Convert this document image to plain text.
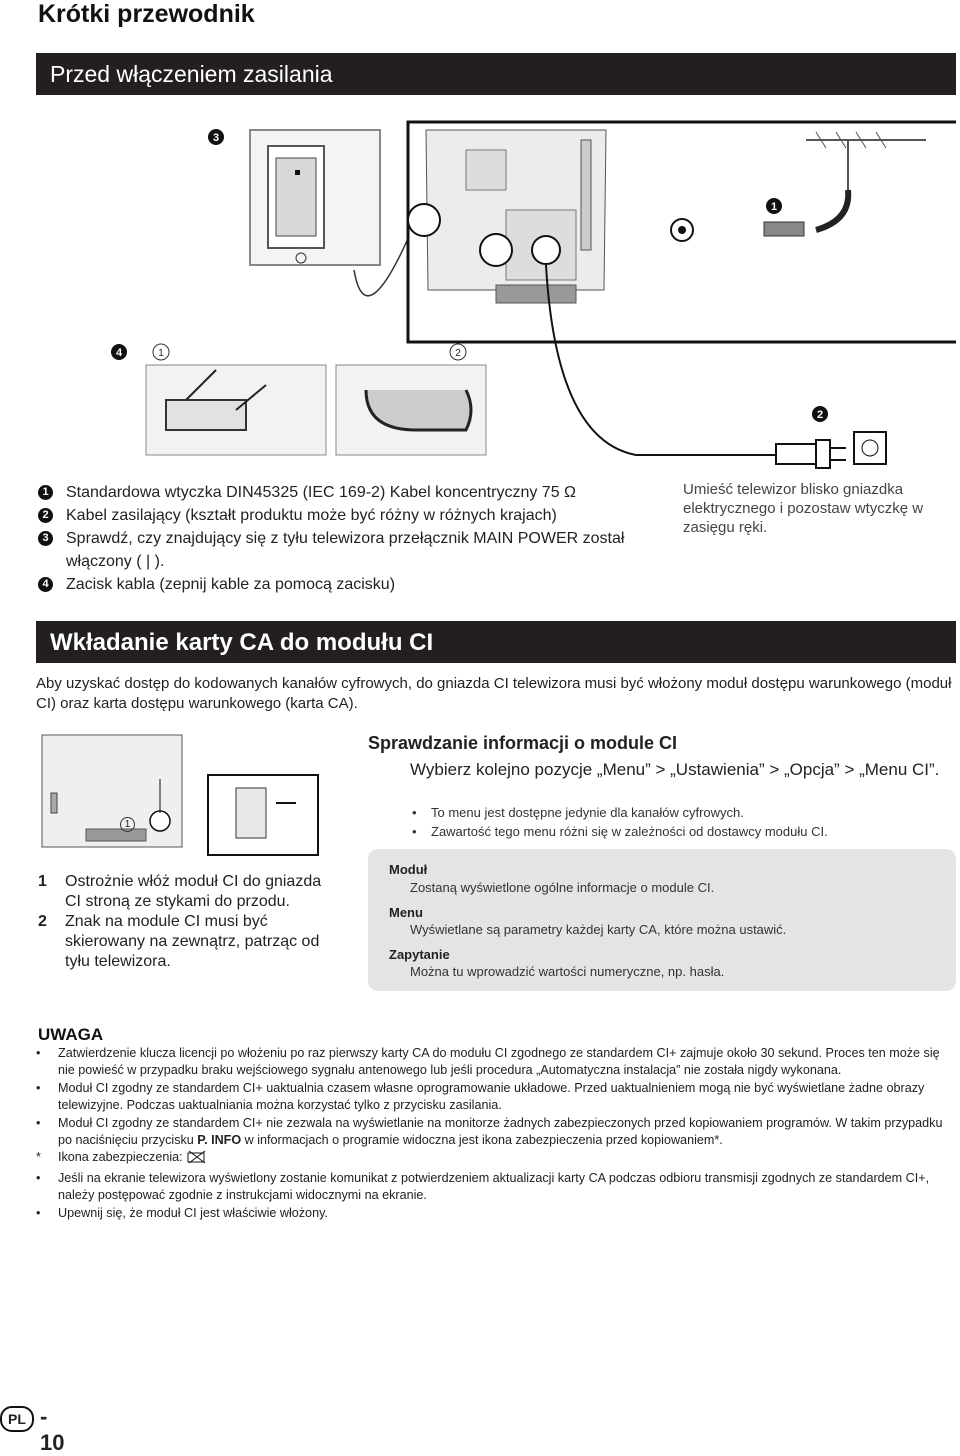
Krótki przewodnik
Przed włączeniem zasilania
3
1
2
4	1	2
1 Standardowa wtyczka DIN45325 (IEC 169-2) Kabel koncentryczny 75 Ω
2 Kabel zasilający (kształt produktu może być różny w różnych krajach)
3 Sprawdź, czy znajdujący się z tyłu telewizora przełącznik MAIN POWER został włączony ( | ).
4 Zacisk kabla (zepnij kable za pomocą zacisku)
Umieść telewizor blisko gniazdka elektrycznego i pozostaw wtyczkę w zasięgu ręki.
Wkładanie karty CA do modułu CI
Aby uzyskać dostęp do kodowanych kanałów cyfrowych, do gniazda CI telewizora musi być włożony moduł dostępu warunkowego (moduł CI) oraz karta dostępu warunkowego (karta CA).
1
Sprawdzanie informacji o module CI
Wybierz kolejno pozycje „Menu” > „Ustawienia” > „Opcja” > „Menu CI”.
• To menu jest dostępne jedynie dla kanałów cyfrowych.
• Zawartość tego menu różni się w zależności od dostawcy modułu CI.
Moduł
Zostaną wyświetlone ogólne informacje o module CI.
Menu
Wyświetlane są parametry każdej karty CA, które można ustawić.
Zapytanie
Można tu wprowadzić wartości numeryczne, np. hasła.
1 Ostrożnie włóż moduł CI do gniazda CI stroną ze stykami do przodu.
2 Znak na module CI musi być skierowany na zewnątrz, patrząc od tyłu telewizora.
UWAGA
• Zatwierdzenie klucza licencji po włożeniu po raz pierwszy karty CA do modułu CI zgodnego ze standardem CI+ zajmuje około 30 sekund. Proces ten może się nie powieść w przypadku braku wejściowego sygnału antenowego lub jeśli procedura „Automatyczna instalacja” nie została nigdy wykonana.
• Moduł CI zgodny ze standardem CI+ uaktualnia czasem własne oprogramowanie układowe. Przed uaktualnieniem mogą nie być wyświetlane żadne obrazy telewizyjne. Podczas uaktualniania można korzystać tylko z przycisku zasilania.
• Moduł CI zgodny ze standardem CI+ nie zezwala na wyświetlanie na monitorze żadnych zabezpieczonych przed kopiowaniem programów. W takim przypadku po naciśnięciu przycisku P. INFO w informacjach o programie widoczna jest ikona zabezpieczenia przed kopiowaniem*.
* Ikona zabezpieczenia:
• Jeśli na ekranie telewizora wyświetlony zostanie komunikat z potwierdzeniem aktualizacji karty CA podczas odbioru transmisji zgodnych ze standardem CI+, należy postępować zgodnie z instrukcjami widocznymi na ekranie.
• Upewnij się, że moduł CI jest właściwie włożony.
PL - 10
